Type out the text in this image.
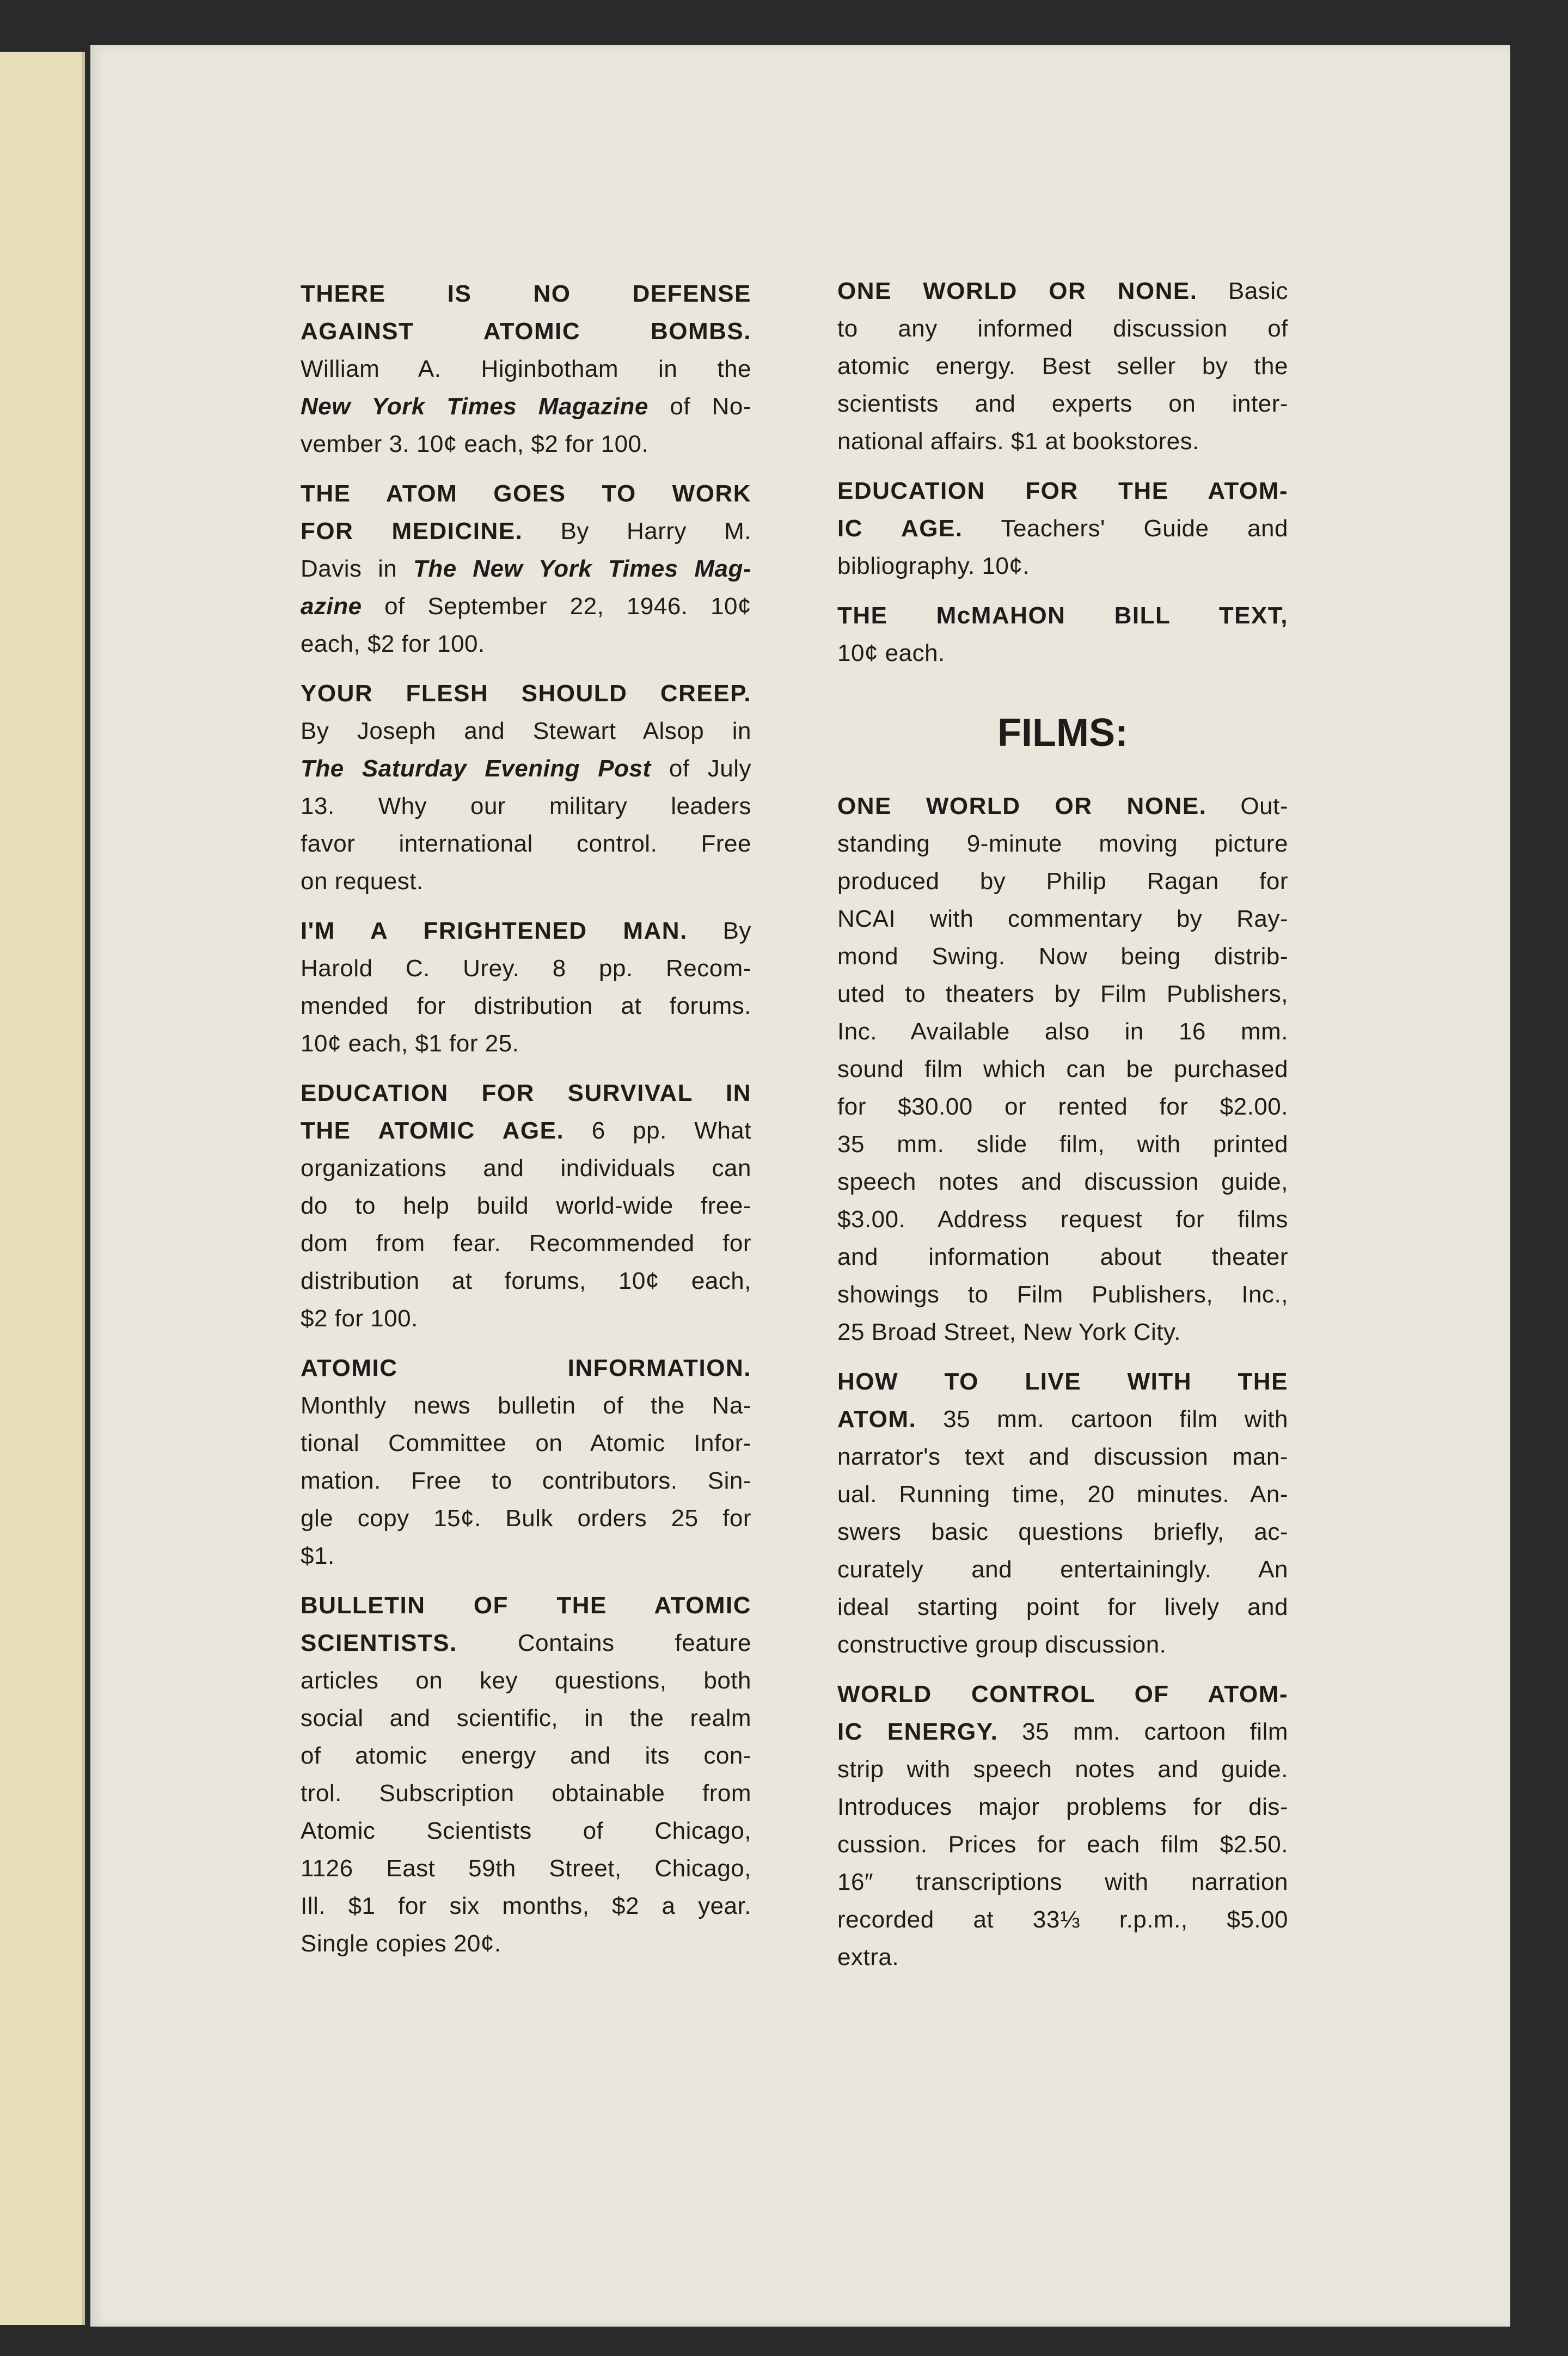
THERE IS NO DEFENSE
AGAINST ATOMIC BOMBS.
William A. Higinbotham in the
New York Times Magazine of No-
vember 3. 10¢ each, $2 for 100.
THE ATOM GOES TO WORK
FOR MEDICINE. By Harry M.
Davis in The New York Times Mag-
azine of September 22, 1946. 10¢
each, $2 for 100.
YOUR FLESH SHOULD CREEP.
By Joseph and Stewart Alsop in
The Saturday Evening Post of July
13. Why our military leaders
favor international control. Free
on request.
I'M A FRIGHTENED MAN. By
Harold C. Urey. 8 pp. Recom-
mended for distribution at forums.
10¢ each, $1 for 25.
EDUCATION FOR SURVIVAL IN
THE ATOMIC AGE. 6 pp. What
organizations and individuals can
do to help build world-wide free-
dom from fear. Recommended for
distribution at forums, 10¢ each,
$2 for 100.
ATOMIC INFORMATION.
Monthly news bulletin of the Na-
tional Committee on Atomic Infor-
mation. Free to contributors. Sin-
gle copy 15¢. Bulk orders 25 for
$1.
BULLETIN OF THE ATOMIC
SCIENTISTS. Contains feature
articles on key questions, both
social and scientific, in the realm
of atomic energy and its con-
trol. Subscription obtainable from
Atomic Scientists of Chicago,
1126 East 59th Street, Chicago,
Ill. $1 for six months, $2 a year.
Single copies 20¢.
ONE WORLD OR NONE. Basic
to any informed discussion of
atomic energy. Best seller by the
scientists and experts on inter-
national affairs. $1 at bookstores.
EDUCATION FOR THE ATOM-
IC AGE. Teachers' Guide and
bibliography. 10¢.
THE McMAHON BILL TEXT,
10¢ each.
FILMS:
ONE WORLD OR NONE. Out-
standing 9-minute moving picture
produced by Philip Ragan for
NCAI with commentary by Ray-
mond Swing. Now being distrib-
uted to theaters by Film Publishers,
Inc. Available also in 16 mm.
sound film which can be purchased
for $30.00 or rented for $2.00.
35 mm. slide film, with printed
speech notes and discussion guide,
$3.00. Address request for films
and information about theater
showings to Film Publishers, Inc.,
25 Broad Street, New York City.
HOW TO LIVE WITH THE
ATOM. 35 mm. cartoon film with
narrator's text and discussion man-
ual. Running time, 20 minutes. An-
swers basic questions briefly, ac-
curately and entertainingly. An
ideal starting point for lively and
constructive group discussion.
WORLD CONTROL OF ATOM-
IC ENERGY. 35 mm. cartoon film
strip with speech notes and guide.
Introduces major problems for dis-
cussion. Prices for each film $2.50.
16″ transcriptions with narration
recorded at 33⅓ r.p.m., $5.00
extra.
